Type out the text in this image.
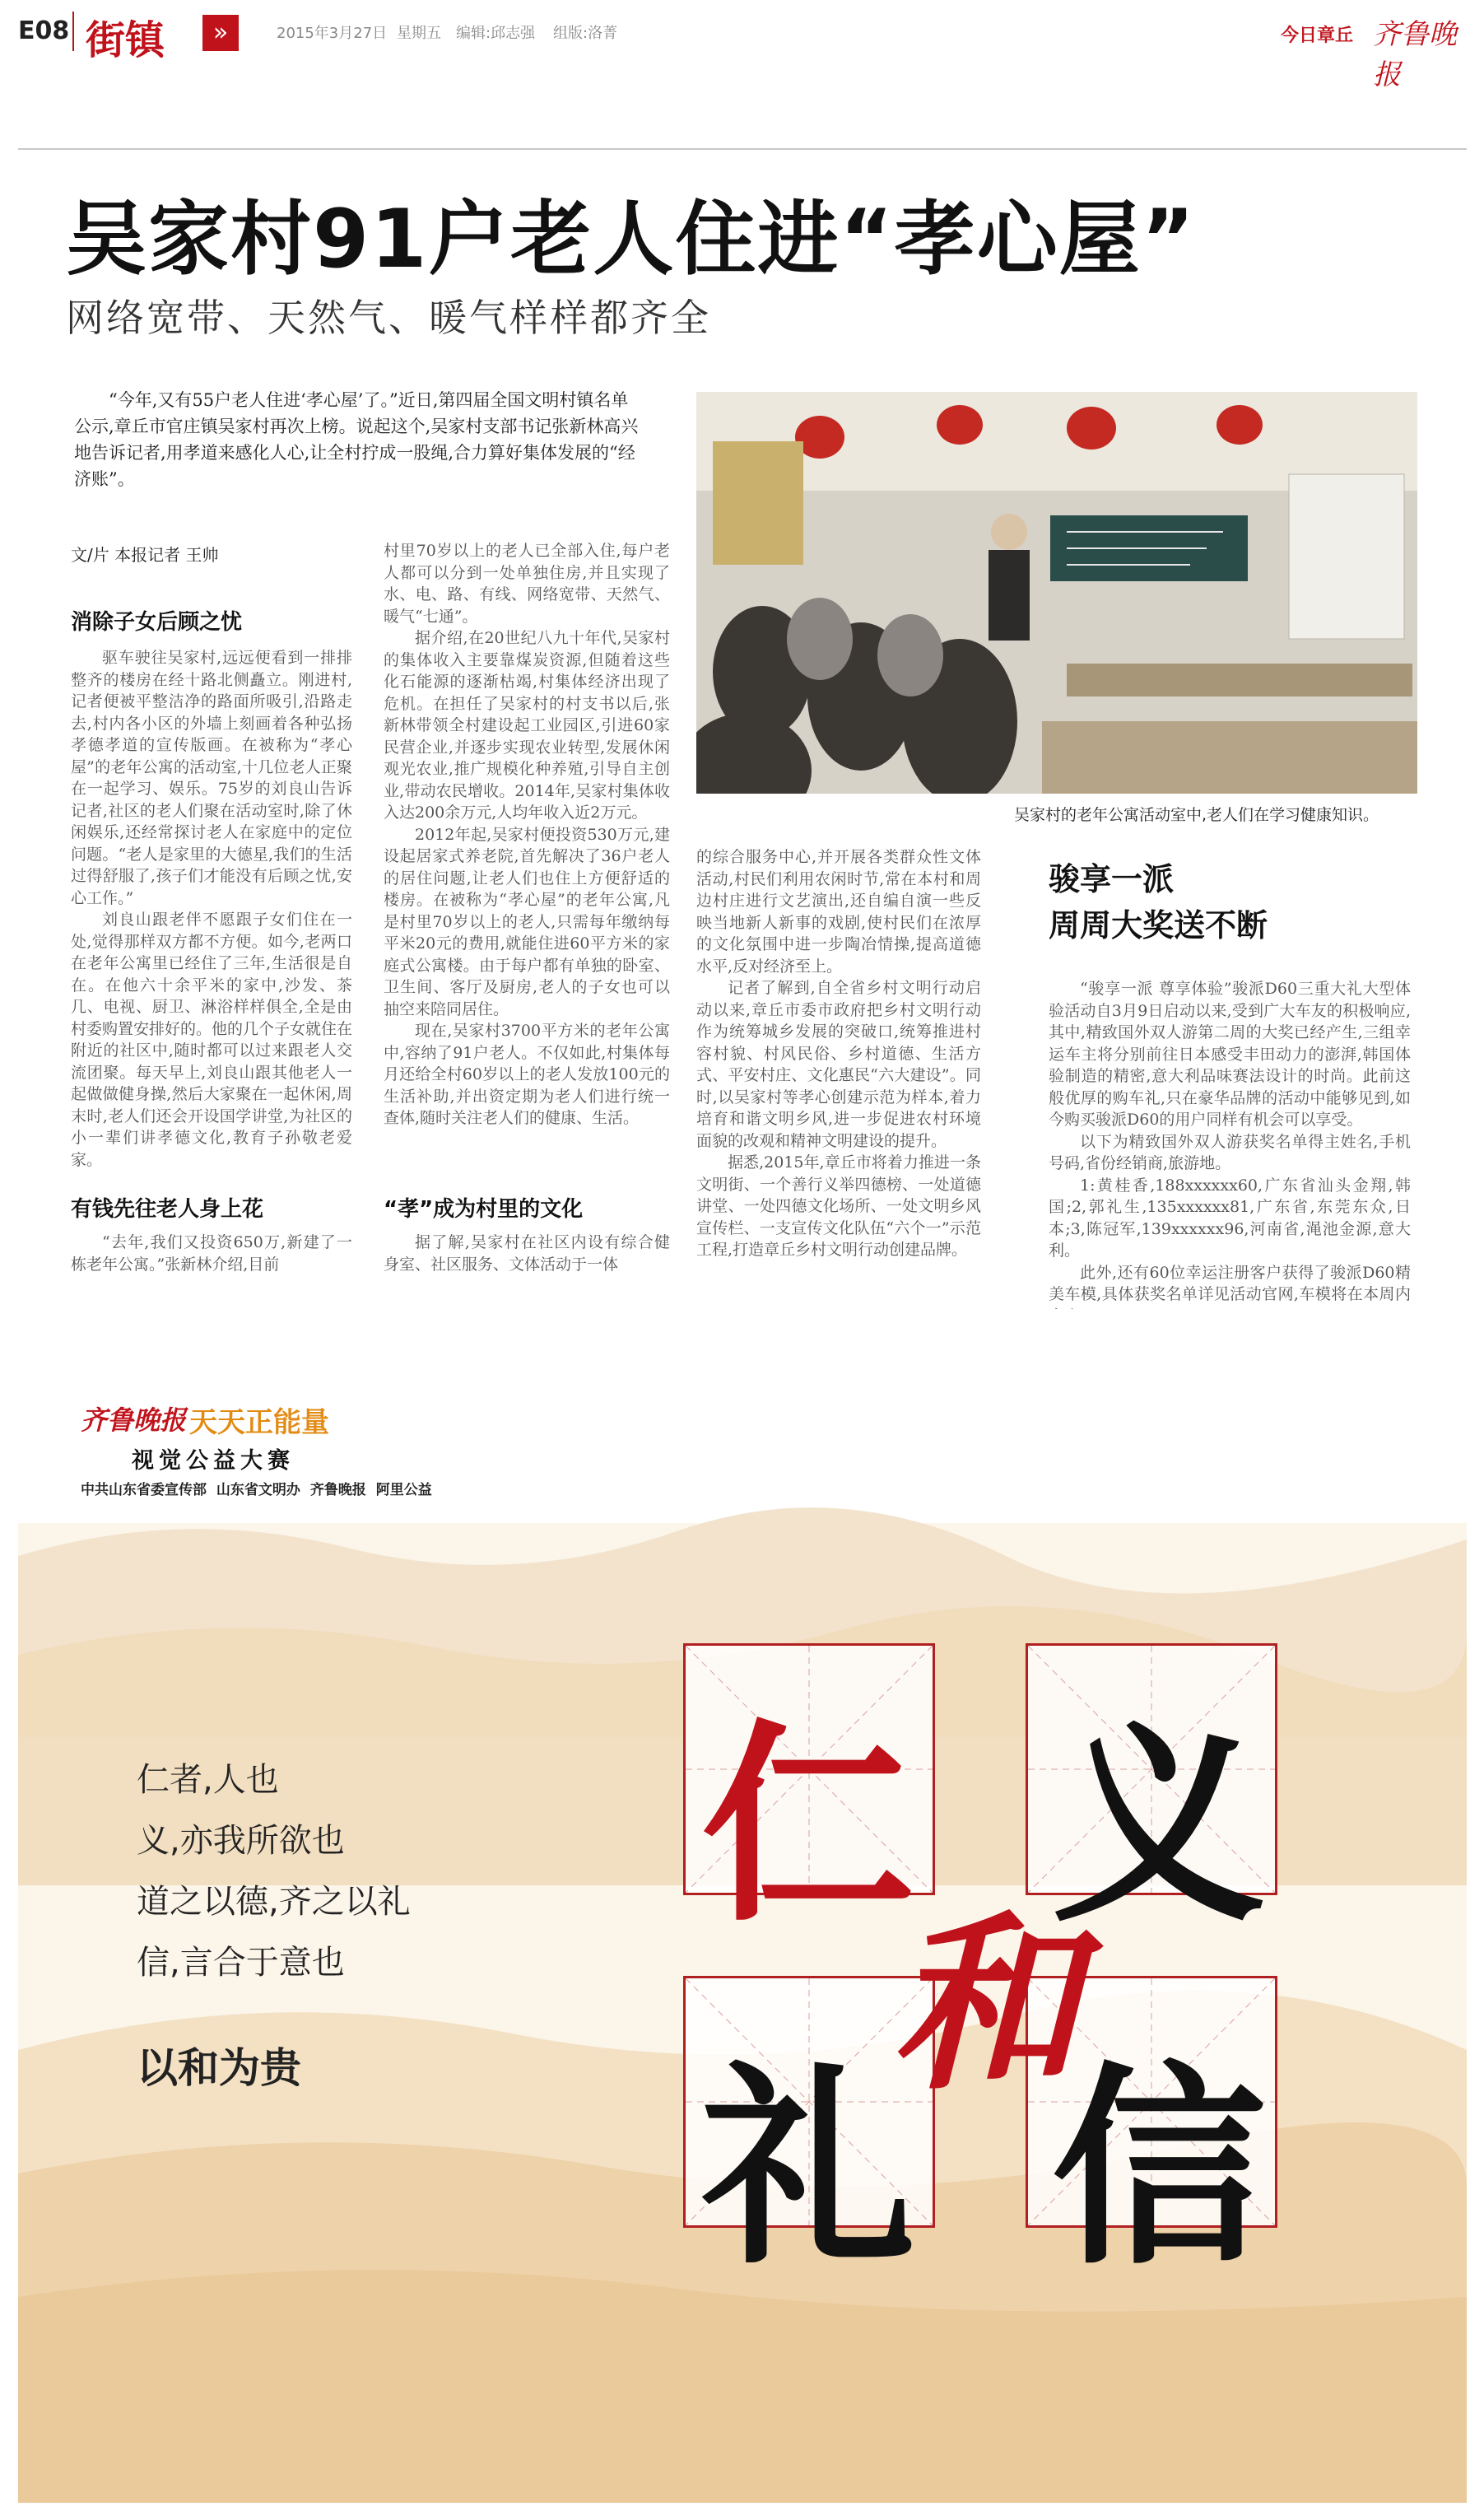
E08 街镇	»	2015年3月27日 星期五 编辑:邱志强 组版:洛菁	今日章丘 齐鲁晚报
吴家村91户老人住进“孝心屋”
网络宽带、天然气、暖气样样都齐全
“今年,又有55户老人住进‘孝心屋’了。”近日,第四届全国文明村镇名单公示,章丘市官庄镇吴家村再次上榜。说起这个,吴家村支部书记张新林高兴地告诉记者,用孝道来感化人心,让全村拧成一股绳,合力算好集体发展的“经济账”。
吴家村的老年公寓活动室中,老人们在学习健康知识。
文/片 本报记者 王帅
消除子女后顾之忧

驱车驶往吴家村,远远便看到一排排整齐的楼房在经十路北侧矗立。刚进村,记者便被平整洁净的路面所吸引,沿路走去,村内各小区的外墙上刻画着各种弘扬孝德孝道的宣传版画。在被称为“孝心屋”的老年公寓的活动室,十几位老人正聚在一起学习、娱乐。75岁的刘良山告诉记者,社区的老人们聚在活动室时,除了休闲娱乐,还经常探讨老人在家庭中的定位问题。“老人是家里的大德星,我们的生活过得舒服了,孩子们才能没有后顾之忧,安心工作。”

刘良山跟老伴不愿跟子女们住在一处,觉得那样双方都不方便。如今,老两口在老年公寓里已经住了三年,生活很是自在。在他六十余平米的家中,沙发、茶几、电视、厨卫、淋浴样样俱全,全是由村委购置安排好的。他的几个子女就住在附近的社区中,随时都可以过来跟老人交流团聚。每天早上,刘良山跟其他老人一起做做健身操,然后大家聚在一起休闲,周末时,老人们还会开设国学讲堂,为社区的小一辈们讲孝德文化,教育子孙敬老爱家。

有钱先往老人身上花

“去年,我们又投资650万,新建了一栋老年公寓。”张新林介绍,目前

村里70岁以上的老人已全部入住,每户老人都可以分到一处单独住房,并且实现了水、电、路、有线、网络宽带、天然气、暖气“七通”。

据介绍,在20世纪八九十年代,吴家村的集体收入主要靠煤炭资源,但随着这些化石能源的逐渐枯竭,村集体经济出现了危机。在担任了吴家村的村支书以后,张新林带领全村建设起工业园区,引进60家民营企业,并逐步实现农业转型,发展休闲观光农业,推广规模化种养殖,引导自主创业,带动农民增收。2014年,吴家村集体收入达200余万元,人均年收入近2万元。

2012年起,吴家村便投资530万元,建设起居家式养老院,首先解决了36户老人的居住问题,让老人们也住上方便舒适的楼房。在被称为“孝心屋”的老年公寓,凡是村里70岁以上的老人,只需每年缴纳每平米20元的费用,就能住进60平方米的家庭式公寓楼。由于每户都有单独的卧室、卫生间、客厅及厨房,老人的子女也可以抽空来陪同居住。

现在,吴家村3700平方米的老年公寓中,容纳了91户老人。不仅如此,村集体每月还给全村60岁以上的老人发放100元的生活补助,并出资定期为老人们进行统一查体,随时关注老人们的健康、生活。

“孝”成为村里的文化

据了解,吴家村在社区内设有综合健身室、社区服务、文体活动于一体

的综合服务中心,并开展各类群众性文体活动,村民们利用农闲时节,常在本村和周边村庄进行文艺演出,还自编自演一些反映当地新人新事的戏剧,使村民们在浓厚的文化氛围中进一步陶冶情操,提高道德水平,反对经济至上。

记者了解到,自全省乡村文明行动启动以来,章丘市委市政府把乡村文明行动作为统筹城乡发展的突破口,统筹推进村容村貌、村风民俗、乡村道德、生活方式、平安村庄、文化惠民“六大建设”。同时,以吴家村等孝心创建示范为样本,着力培育和谐文明乡风,进一步促进农村环境面貌的改观和精神文明建设的提升。

据悉,2015年,章丘市将着力推进一条文明街、一个善行义举四德榜、一处道德讲堂、一处四德文化场所、一处文明乡风宣传栏、一支宣传文化队伍“六个一”示范工程,打造章丘乡村文明行动创建品牌。

骏享一派
周周大奖送不断

“骏享一派 尊享体验”骏派D60三重大礼大型体验活动自3月9日启动以来,受到广大车友的积极响应,其中,精致国外双人游第二周的大奖已经产生,三组幸运车主将分别前往日本感受丰田动力的澎湃,韩国体验制造的精密,意大利品味赛法设计的时尚。此前这般优厚的购车礼,只在豪华品牌的活动中能够见到,如今购买骏派D60的用户同样有机会可以享受。

以下为精致国外双人游获奖名单得主姓名,手机号码,省份经销商,旅游地。

1:黄桂香,188xxxxxx60,广东省汕头金翔,韩国;2,郭礼生,135xxxxxx81,广东省,东莞东众,日本;3,陈冠军,139xxxxxx96,河南省,渑池金源,意大利。

此外,还有60位幸运注册客户获得了骏派D60精美车模,具体获奖名单详见活动官网,车模将在本周内

齐鲁晚报 天天正能量
视觉公益大赛
中共山东省委宣传部 山东省文明办 齐鲁晚报 阿里公益
仁者,人也
义,亦我所欲也
道之以德,齐之以礼
信,言合于意也
以和为贵
仁 义
礼 信
和
